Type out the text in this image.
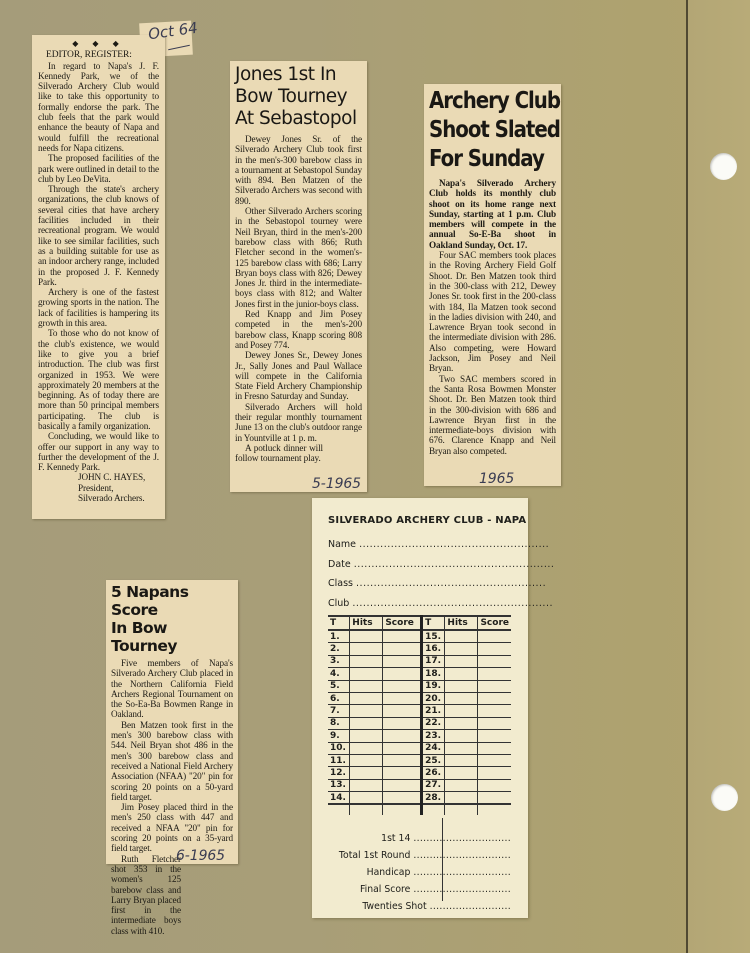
◆ ◆ ◆
EDITOR, REGISTER:

In regard to Napa's J. F. Kennedy Park, we of the Silverado Archery Club would like to take this opportunity to formally endorse the park. The club feels that the park would enhance the beauty of Napa and would fulfill the recreational needs for Napa citizens.

The proposed facilities of the park were outlined in detail to the club by Leo DeVita.

Through the state's archery organizations, the club knows of several cities that have archery facilities included in their recreational program. We would like to see similar facilities, such as a building suitable for use as an indoor archery range, included in the proposed J. F. Kennedy Park.

Archery is one of the fastest growing sports in the nation. The lack of facilities is hampering its growth in this area.

To those who do not know of the club's existence, we would like to give you a brief introduction. The club was first organized in 1953. We were approximately 20 members at the beginning. As of today there are more than 50 principal members participating. The club is basically a family organization.

Concluding, we would like to offer our support in any way to further the development of the J. F. Kennedy Park.

JOHN C. HAYES,

President,

Silverado Archers.

Oct 64
Jones 1st In
Bow Tourney
At Sebastopol

Dewey Jones Sr. of the Silverado Archery Club took first in the men's-300 barebow class in a tournament at Sebastopol Sunday with 894. Ben Matzen of the Silverado Archers was second with 890.

Other Silverado Archers scoring in the Sebastopol tourney were Neil Bryan, third in the men's-200 barebow class with 866; Ruth Fletcher second in the women's-125 barebow class with 686; Larry Bryan boys class with 826; Dewey Jones Jr. third in the intermediate-boys class with 812; and Walter Jones first in the junior-boys class.

Red Knapp and Jim Posey competed in the men's-200 barebow class, Knapp scoring 808 and Posey 774.

Dewey Jones Sr., Dewey Jones Jr., Sally Jones and Paul Wallace will compete in the California State Field Archery Championship in Fresno Saturday and Sunday.

Silverado Archers will hold their regular monthly tournament June 13 on the club's outdoor range in Yountville at 1 p. m.

A potluck dinner will follow tournament play.

5-1965
Archery Club
Shoot Slated
For Sunday

Napa's Silverado Archery Club holds its monthly club shoot on its home range next Sunday, starting at 1 p.m. Club members will compete in the annual So-E-Ba shoot in Oakland Sunday, Oct. 17.

Four SAC members took places in the Roving Archery Field Golf Shoot. Dr. Ben Matzen took third in the 300-class with 212, Dewey Jones Sr. took first in the 200-class with 184, Ila Matzen took second in the ladies division with 240, and Lawrence Bryan took second in the intermediate division with 286. Also competing, were Howard Jackson, Jim Posey and Neil Bryan.

Two SAC members scored in the Santa Rosa Bowmen Monster Shoot. Dr. Ben Matzen took third in the 300-division with 686 and Lawrence Bryan first in the intermediate-boys division with 676. Clarence Knapp and Neil Bryan also competed.

1965
5 Napans Score
In Bow Tourney

Five members of Napa's Silverado Archery Club placed in the Northern California Field Archers Regional Tournament on the So-Ea-Ba Bowmen Range in Oakland.

Ben Matzen took first in the men's 300 barebow class with 544. Neil Bryan shot 486 in the men's 300 barebow class and received a National Field Archery Association (NFAA) "20" pin for scoring 20 points on a 50-yard field target.

Jim Posey placed third in the men's 250 class with 447 and received a NFAA "20" pin for scoring 20 points on a 35-yard field target.

Ruth Fletcher shot 353 in the women's 125 barebow class and Larry Bryan placed first in the intermediate boys class with 410.

6-1965
SILVERADO ARCHERY CLUB - NAPA
Name ......................................................
Date .........................................................
Class ......................................................
Club .........................................................
T	Hits	Score	T	Hits	Score
1.			15.		
2.			16.		
3.			17.		
4.			18.		
5.			19.		
6.			20.		
7.			21.		
8.			22.		
9.			23.		
10.			24.		
11.			25.		
12.			26.		
13.			27.		
14.			28.		

1st 14 ..............................
Total 1st Round ..............................
Handicap ..............................
Final Score ..............................
Twenties Shot .........................
